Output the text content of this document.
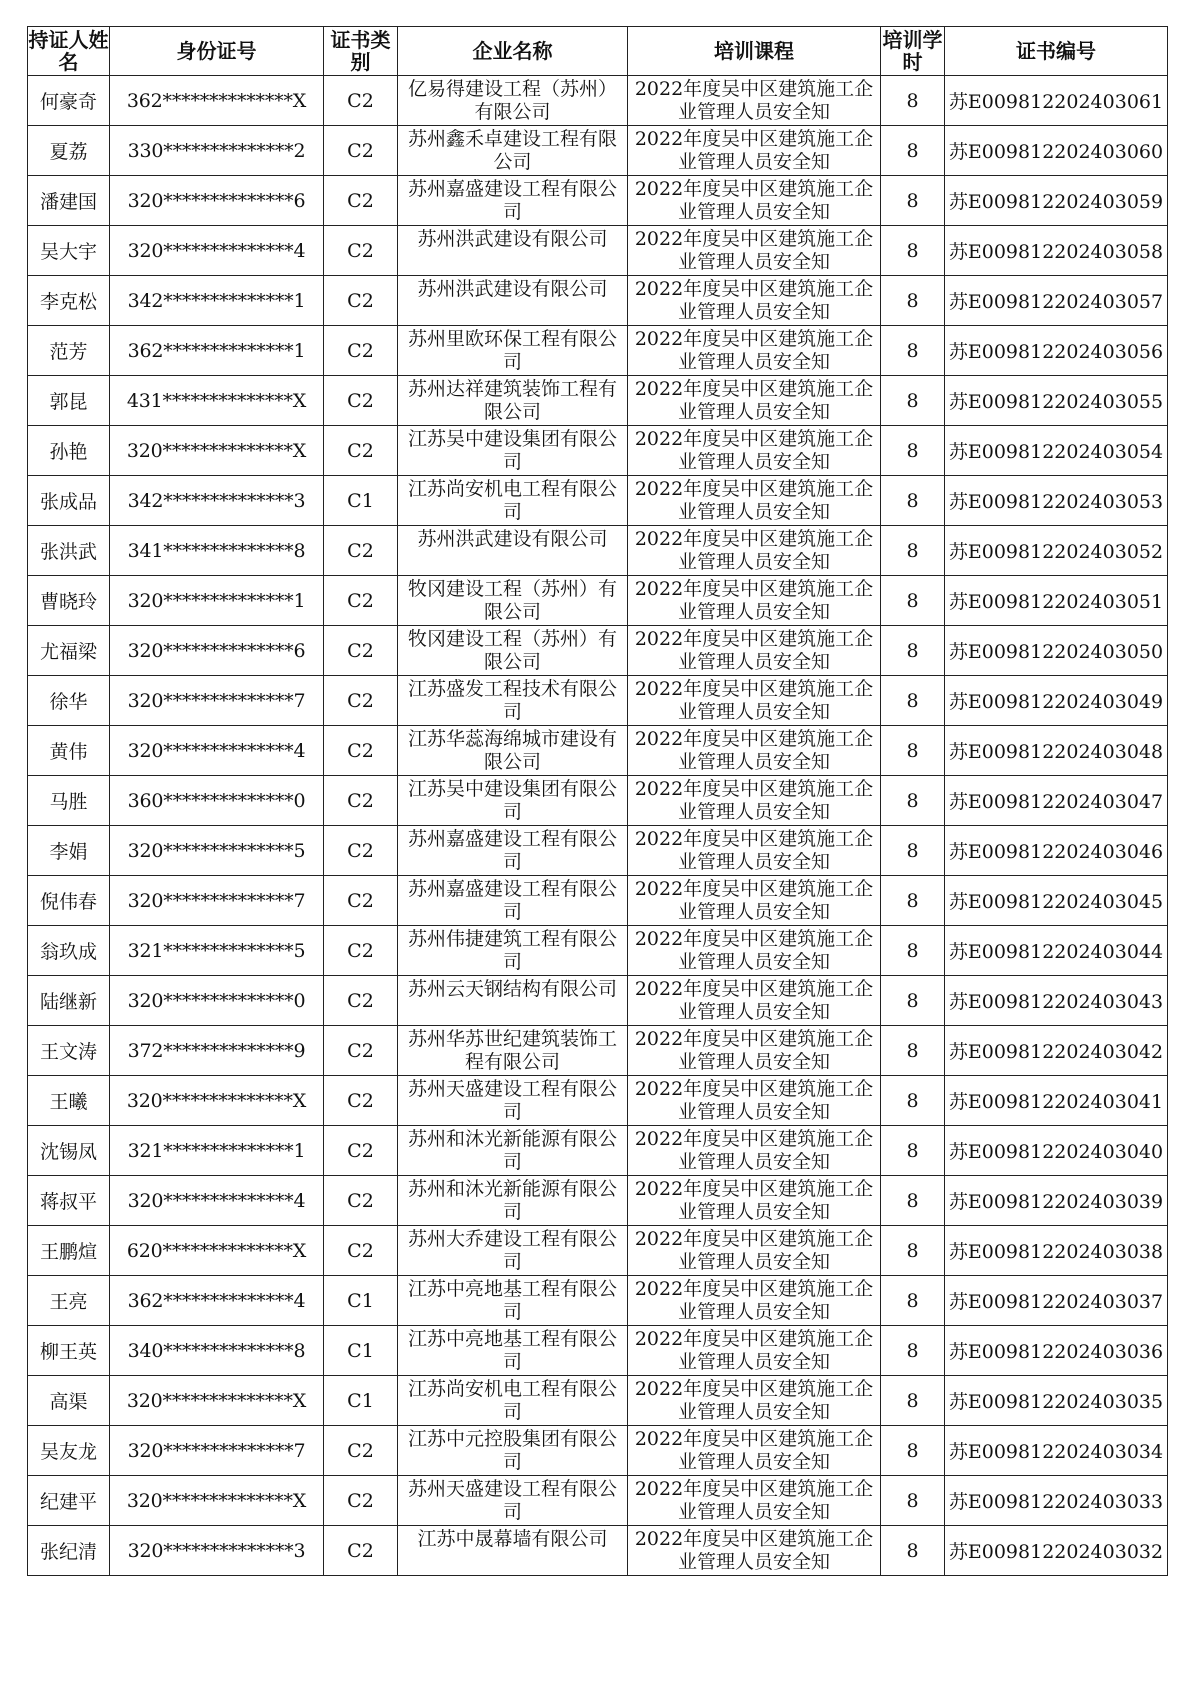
持证人姓名	身份证号	证书类别	企业名称	培训课程	培训学时	证书编号
何豪奇	362**************X	C2	亿易得建设工程（苏州）有限公司	2022年度吴中区建筑施工企业管理人员安全知	8	苏E009812202403061
夏荔	330**************2	C2	苏州鑫禾卓建设工程有限公司	2022年度吴中区建筑施工企业管理人员安全知	8	苏E009812202403060
潘建国	320**************6	C2	苏州嘉盛建设工程有限公司	2022年度吴中区建筑施工企业管理人员安全知	8	苏E009812202403059
吴大宇	320**************4	C2	苏州洪武建设有限公司	2022年度吴中区建筑施工企业管理人员安全知	8	苏E009812202403058
李克松	342**************1	C2	苏州洪武建设有限公司	2022年度吴中区建筑施工企业管理人员安全知	8	苏E009812202403057
范芳	362**************1	C2	苏州里欧环保工程有限公司	2022年度吴中区建筑施工企业管理人员安全知	8	苏E009812202403056
郭昆	431**************X	C2	苏州达祥建筑装饰工程有限公司	2022年度吴中区建筑施工企业管理人员安全知	8	苏E009812202403055
孙艳	320**************X	C2	江苏吴中建设集团有限公司	2022年度吴中区建筑施工企业管理人员安全知	8	苏E009812202403054
张成品	342**************3	C1	江苏尚安机电工程有限公司	2022年度吴中区建筑施工企业管理人员安全知	8	苏E009812202403053
张洪武	341**************8	C2	苏州洪武建设有限公司	2022年度吴中区建筑施工企业管理人员安全知	8	苏E009812202403052
曹晓玲	320**************1	C2	牧冈建设工程（苏州）有限公司	2022年度吴中区建筑施工企业管理人员安全知	8	苏E009812202403051
尤福梁	320**************6	C2	牧冈建设工程（苏州）有限公司	2022年度吴中区建筑施工企业管理人员安全知	8	苏E009812202403050
徐华	320**************7	C2	江苏盛发工程技术有限公司	2022年度吴中区建筑施工企业管理人员安全知	8	苏E009812202403049
黄伟	320**************4	C2	江苏华蕊海绵城市建设有限公司	2022年度吴中区建筑施工企业管理人员安全知	8	苏E009812202403048
马胜	360**************0	C2	江苏吴中建设集团有限公司	2022年度吴中区建筑施工企业管理人员安全知	8	苏E009812202403047
李娟	320**************5	C2	苏州嘉盛建设工程有限公司	2022年度吴中区建筑施工企业管理人员安全知	8	苏E009812202403046
倪伟春	320**************7	C2	苏州嘉盛建设工程有限公司	2022年度吴中区建筑施工企业管理人员安全知	8	苏E009812202403045
翁玖成	321**************5	C2	苏州伟捷建筑工程有限公司	2022年度吴中区建筑施工企业管理人员安全知	8	苏E009812202403044
陆继新	320**************0	C2	苏州云天钢结构有限公司	2022年度吴中区建筑施工企业管理人员安全知	8	苏E009812202403043
王文涛	372**************9	C2	苏州华苏世纪建筑装饰工程有限公司	2022年度吴中区建筑施工企业管理人员安全知	8	苏E009812202403042
王曦	320**************X	C2	苏州天盛建设工程有限公司	2022年度吴中区建筑施工企业管理人员安全知	8	苏E009812202403041
沈锡凤	321**************1	C2	苏州和沐光新能源有限公司	2022年度吴中区建筑施工企业管理人员安全知	8	苏E009812202403040
蒋叔平	320**************4	C2	苏州和沐光新能源有限公司	2022年度吴中区建筑施工企业管理人员安全知	8	苏E009812202403039
王鹏煊	620**************X	C2	苏州大乔建设工程有限公司	2022年度吴中区建筑施工企业管理人员安全知	8	苏E009812202403038
王亮	362**************4	C1	江苏中亮地基工程有限公司	2022年度吴中区建筑施工企业管理人员安全知	8	苏E009812202403037
柳王英	340**************8	C1	江苏中亮地基工程有限公司	2022年度吴中区建筑施工企业管理人员安全知	8	苏E009812202403036
高渠	320**************X	C1	江苏尚安机电工程有限公司	2022年度吴中区建筑施工企业管理人员安全知	8	苏E009812202403035
吴友龙	320**************7	C2	江苏中元控股集团有限公司	2022年度吴中区建筑施工企业管理人员安全知	8	苏E009812202403034
纪建平	320**************X	C2	苏州天盛建设工程有限公司	2022年度吴中区建筑施工企业管理人员安全知	8	苏E009812202403033
张纪清	320**************3	C2	江苏中晟幕墙有限公司	2022年度吴中区建筑施工企业管理人员安全知	8	苏E009812202403032
